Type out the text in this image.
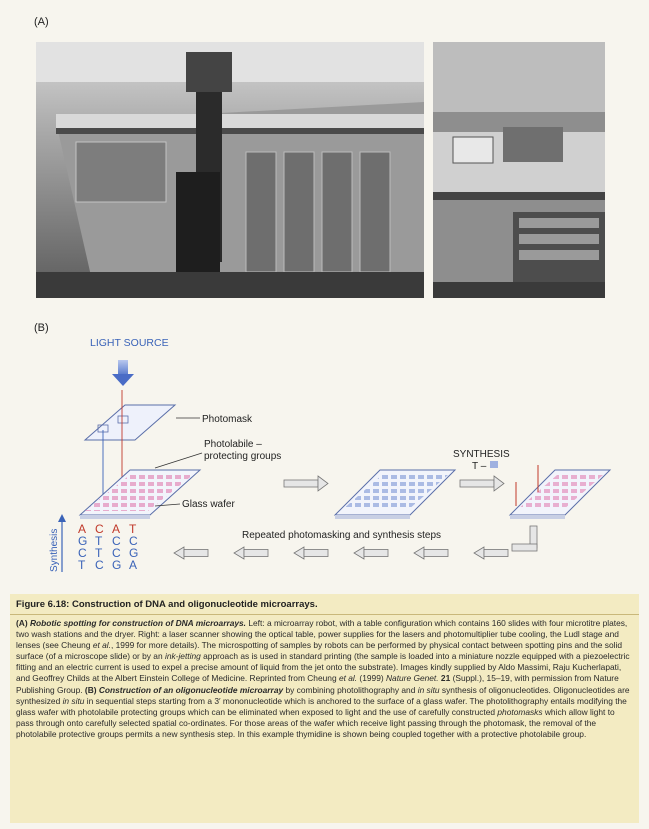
(A)
(B)
LIGHT SOURCE
Photomask
Photolabile –
protecting groups
Glass wafer
SYNTHESIS
T –
Repeated photomasking and synthesis steps
Synthesis A
G
C
T
C
T
T
C
A
C
C
G
T
C
G
A
Figure 6.18: Construction of DNA and oligonucleotide microarrays.
(A) Robotic spotting for construction of DNA microarrays. Left: a microarray robot, with a table configuration which contains 160 slides with four microtitre plates, two wash stations and the dryer. Right: a laser scanner showing the optical table, power supplies for the lasers and photomultiplier tube cooling, the Ludl stage and lenses (see Cheung et al., 1999 for more details). The microspotting of samples by robots can be performed by physical contact between spotting pins and the solid surface (of a microscope slide) or by an ink-jetting approach as is used in standard printing (the sample is loaded into a miniature nozzle equipped with a piezoelectric fitting and an electric current is used to expel a precise amount of liquid from the jet onto the substrate). Images kindly supplied by Aldo Massimi, Raju Kucherlapati, and Geoffrey Childs at the Albert Einstein College of Medicine. Reprinted from Cheung et al. (1999) Nature Genet. 21 (Suppl.), 15–19, with permission from Nature Publishing Group. (B) Construction of an oligonucleotide microarray by combining photolithography and in situ synthesis of oligonucleotides. Oligonucleotides are synthesized in situ in sequential steps starting from a 3′ mononucleotide which is anchored to the surface of a glass wafer. The photolithography entails modifying the glass wafer with photolabile protecting groups which can be eliminated when exposed to light and the use of carefully constructed photomasks which allow light to pass through onto carefully selected spatial co-ordinates. For those areas of the wafer which receive light passing through the photomask, the removal of the photolabile protective groups permits a new synthesis step. In this example thymidine is shown being coupled together with a protective photolabile group.
